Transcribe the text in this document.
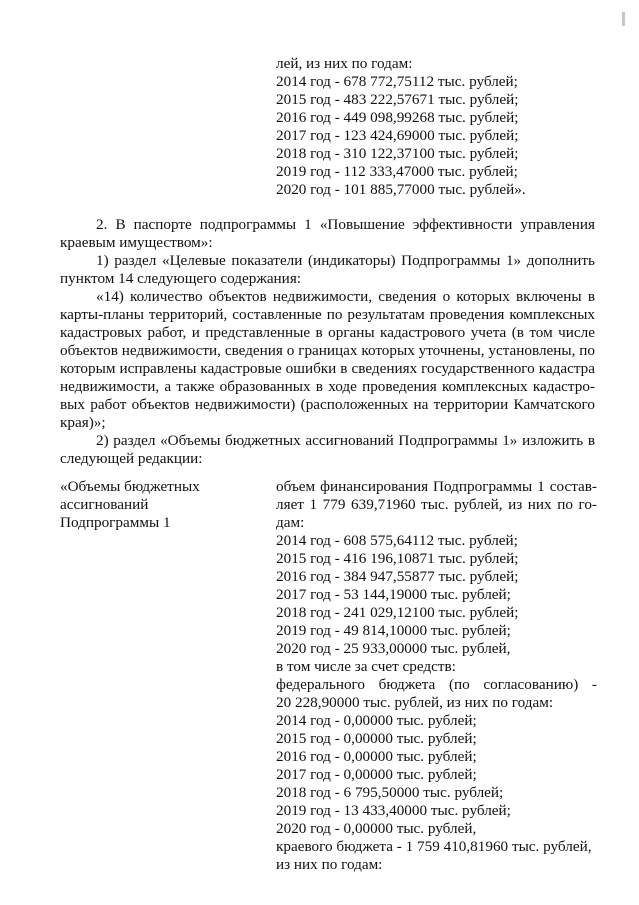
лей, из них по годам:
2014 год - 678 772,75112 тыс. рублей;
2015 год - 483 222,57671 тыс. рублей;
2016 год - 449 098,99268 тыс. рублей;
2017 год - 123 424,69000 тыс. рублей;
2018 год - 310 122,37100 тыс. рублей;
2019 год - 112 333,47000 тыс. рублей;
2020 год - 101 885,77000 тыс. рублей».
2. В паспорте подпрограммы 1 «Повышение эффективности управления
краевым имуществом»:
1) раздел «Целевые показатели (индикаторы) Подпрограммы 1» дополнить
пунктом 14 следующего содержания:
«14) количество объектов недвижимости, сведения о которых включены в
карты-планы территорий, составленные по результатам проведения комплексных
кадастровых работ, и представленные в органы кадастрового учета (в том числе
объектов недвижимости, сведения о границах которых уточнены, установлены, по
которым исправлены кадастровые ошибки в сведениях государственного кадастра
недвижимости, а также образованных в ходе проведения комплексных кадастро-
вых работ объектов недвижимости) (расположенных на территории Камчатского
края)»;
2) раздел «Объемы бюджетных ассигнований Подпрограммы 1» изложить в
следующей редакции:
«Объемы бюджетных
ассигнований
Подпрограммы 1
объем финансирования Подпрограммы 1 состав-
ляет 1 779 639,71960 тыс. рублей, из них по го-
дам:
2014 год - 608 575,64112 тыс. рублей;
2015 год - 416 196,10871 тыс. рублей;
2016 год - 384 947,55877 тыс. рублей;
2017 год - 53 144,19000 тыс. рублей;
2018 год - 241 029,12100 тыс. рублей;
2019 год - 49 814,10000 тыс. рублей;
2020 год - 25 933,00000 тыс. рублей,
в том числе за счет средств:
федерального бюджета (по согласованию) -
20 228,90000 тыс. рублей, из них по годам:
2014 год - 0,00000 тыс. рублей;
2015 год - 0,00000 тыс. рублей;
2016 год - 0,00000 тыс. рублей;
2017 год - 0,00000 тыс. рублей;
2018 год - 6 795,50000 тыс. рублей;
2019 год - 13 433,40000 тыс. рублей;
2020 год - 0,00000 тыс. рублей,
краевого бюджета - 1 759 410,81960 тыс. рублей,
из них по годам:
